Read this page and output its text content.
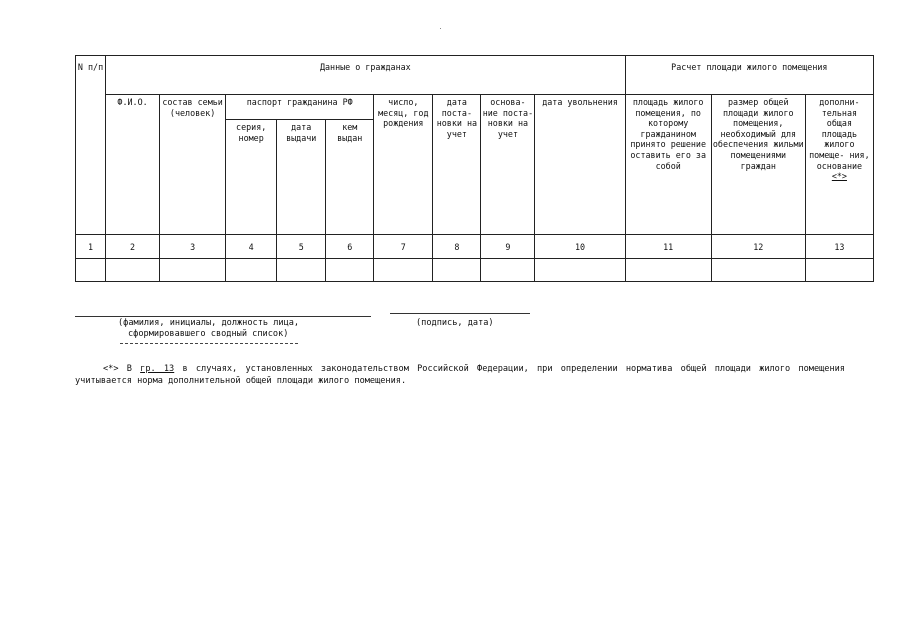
N п/п	Данные о гражданах									Расчет площади жилого помещения		
	Ф.И.О.	состав семьи (человек)	паспорт гражданина РФ			число, месяц, год рождения	дата поста- новки на учет	основа- ние поста- новки на учет	дата увольнения	площадь жилого помещения, по которому гражданином принято решение оставить его за собой	размер общей площади жилого помещения, необходимый для обеспечения жильми помещениями граждан	дополни- тельная общая площадь жилого помеще- ния, основание <*>
			серия, номер	дата выдачи	кем выдан							
1	2	3	4	5	6	7	8	9	10	11	12	13

(фамилия, инициалы, должность лица,	(подпись, дата)
сформировавшего сводный список)
<*> В гр. 13 в случаях, установленных законодательством Российской Федерации, при определении норматива общей площади жилого помещения учитывается норма дополнительной общей площади жилого помещения.
